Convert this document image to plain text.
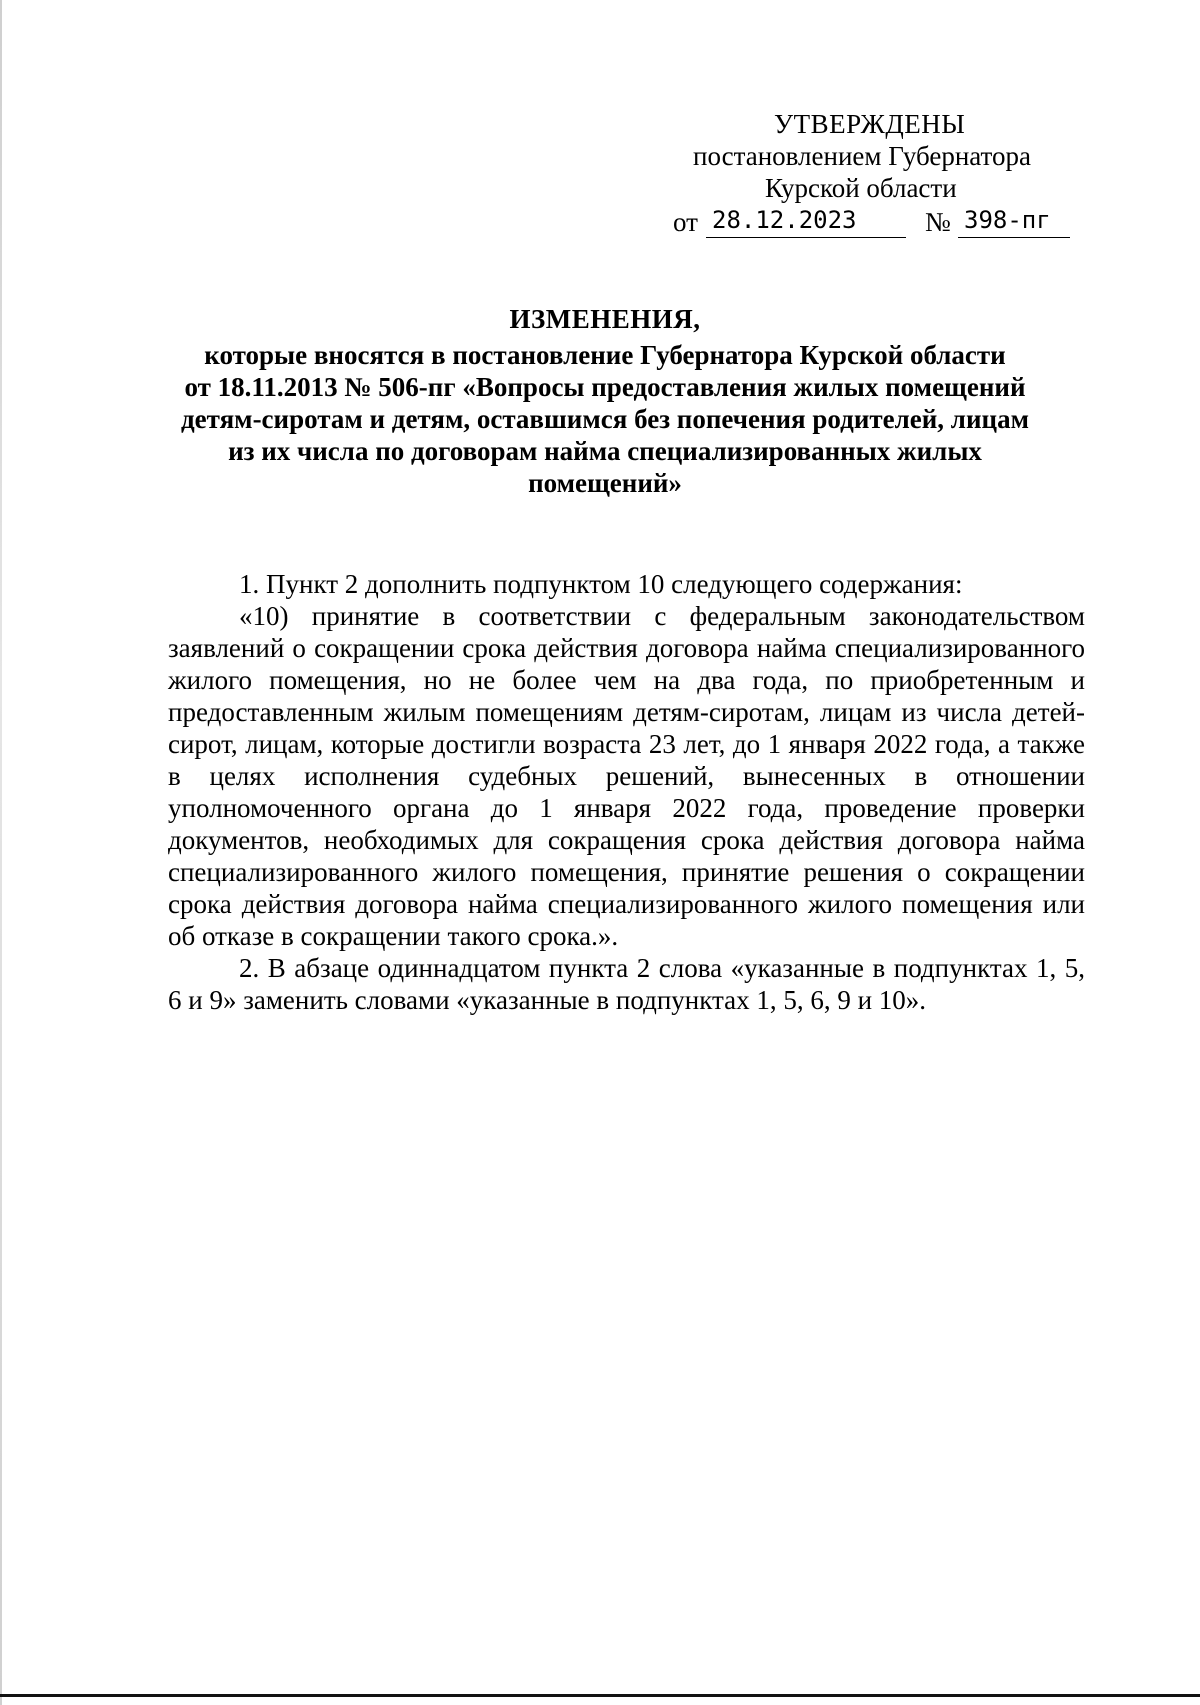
УТВЕРЖДЕНЫ
постановлением Губернатора
Курской области
от 28.12.2023	№ 398-пг
ИЗМЕНЕНИЯ,
которые вносятся в постановление Губернатора Курской области
от 18.11.2013 № 506-пг «Вопросы предоставления жилых помещений
детям-сиротам и детям, оставшимся без попечения родителей, лицам
из их числа по договорам найма специализированных жилых
помещений»

1. Пункт 2 дополнить подпунктом 10 следующего содержания:

«10) принятие в соответствии с федеральным законодательством заявлений о сокращении срока действия договора найма специализированного жилого помещения, но не более чем на два года, по приобретенным и предоставленным жилым помещениям детям-сиротам, лицам из числа детей-сирот, лицам, которые достигли возраста 23 лет, до 1 января 2022 года, а также в целях исполнения судебных решений, вынесенных в отношении уполномоченного органа до 1 января 2022 года, проведение проверки документов, необходимых для сокращения срока действия договора найма специализированного жилого помещения, принятие решения о сокращении срока действия договора найма специализированного жилого помещения или об отказе в сокращении такого срока.».

2. В абзаце одиннадцатом пункта 2 слова «указанные в подпунктах 1, 5, 6 и 9» заменить словами «указанные в подпунктах 1, 5, 6, 9 и 10».
